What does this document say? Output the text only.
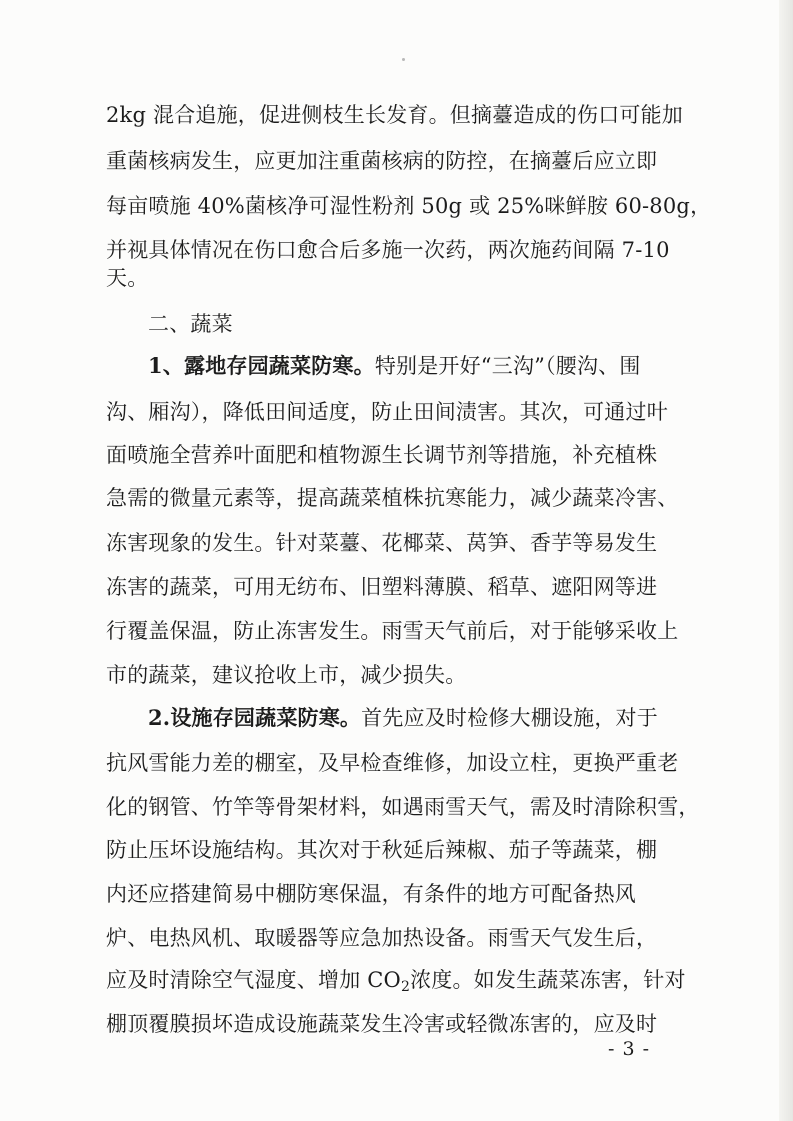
2kg 混合追施，促进侧枝生长发育。但摘薹造成的伤口可能加
重菌核病发生，应更加注重菌核病的防控，在摘薹后应立即
每亩喷施 40%菌核净可湿性粉剂 50g 或 25%咪鲜胺 60-80g，
并视具体情况在伤口愈合后多施一次药，两次施药间隔 7-10
天。
二、蔬菜
1、露地存园蔬菜防寒。特别是开好“三沟”（腰沟、围
沟、厢沟），降低田间适度，防止田间渍害。其次，可通过叶
面喷施全营养叶面肥和植物源生长调节剂等措施，补充植株
急需的微量元素等，提高蔬菜植株抗寒能力，减少蔬菜冷害、
冻害现象的发生。针对菜薹、花椰菜、莴笋、香芋等易发生
冻害的蔬菜，可用无纺布、旧塑料薄膜、稻草、遮阳网等进
行覆盖保温，防止冻害发生。雨雪天气前后，对于能够采收上
市的蔬菜，建议抢收上市，减少损失。
2.设施存园蔬菜防寒。首先应及时检修大棚设施，对于
抗风雪能力差的棚室，及早检查维修，加设立柱，更换严重老
化的钢管、竹竿等骨架材料，如遇雨雪天气，需及时清除积雪，
防止压坏设施结构。其次对于秋延后辣椒、茄子等蔬菜，棚
内还应搭建简易中棚防寒保温，有条件的地方可配备热风
炉、电热风机、取暖器等应急加热设备。雨雪天气发生后，
应及时清除空气湿度、增加 $CO_2$浓度。如发生蔬菜冻害，针对
棚顶覆膜损坏造成设施蔬菜发生冷害或轻微冻害的，应及时
- 3 -
